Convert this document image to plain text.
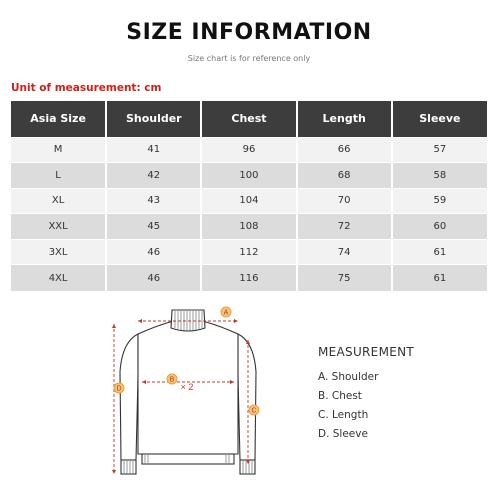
SIZE INFORMATION
Size chart is for reference only
Unit of measurement: cm
Asia Size	Shoulder	Chest	Length	Sleeve
M	41	96	66	57
L	42	100	68	58
XL	43	104	70	59
XXL	45	108	72	60
3XL	46	112	74	61
4XL	46	116	75	61
A
B
× 2
C
D
MEASUREMENT
A. Shoulder
B. Chest
C. Length
D. Sleeve
